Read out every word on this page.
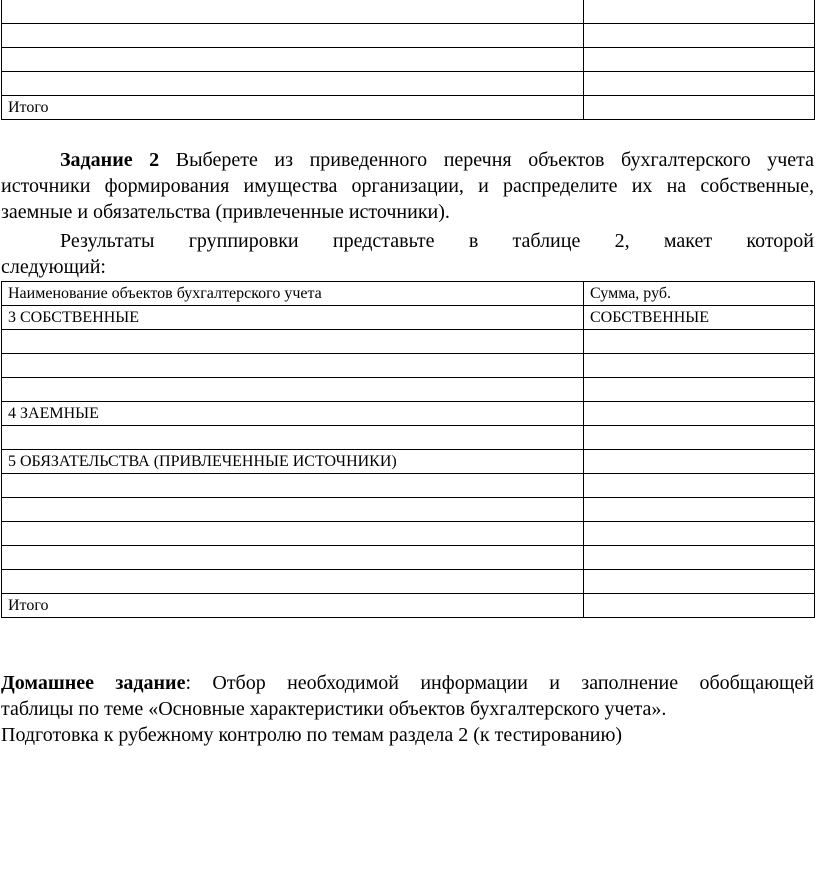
Итого	
Задание 2 Выберете из приведенного перечня объектов бухгалтерского учета источники формирования имущества организации, и распределите их на собственные, заемные и обязательства (привлеченные источники).
Результаты группировки представьте в таблице 2, макет которой
следующий:
Наименование объектов бухгалтерского учета	Сумма, руб.
3 СОБСТВЕННЫЕ	СОБСТВЕННЫЕ

4 ЗАЕМНЫЕ	

5 ОБЯЗАТЕЛЬСТВА (ПРИВЛЕЧЕННЫЕ ИСТОЧНИКИ)	

Итого	
Домашнее задание: Отбор необходимой информации и заполнение обобщающей
таблицы по теме «Основные характеристики объектов бухгалтерского учета».
Подготовка к рубежному контролю по темам раздела 2 (к тестированию)
